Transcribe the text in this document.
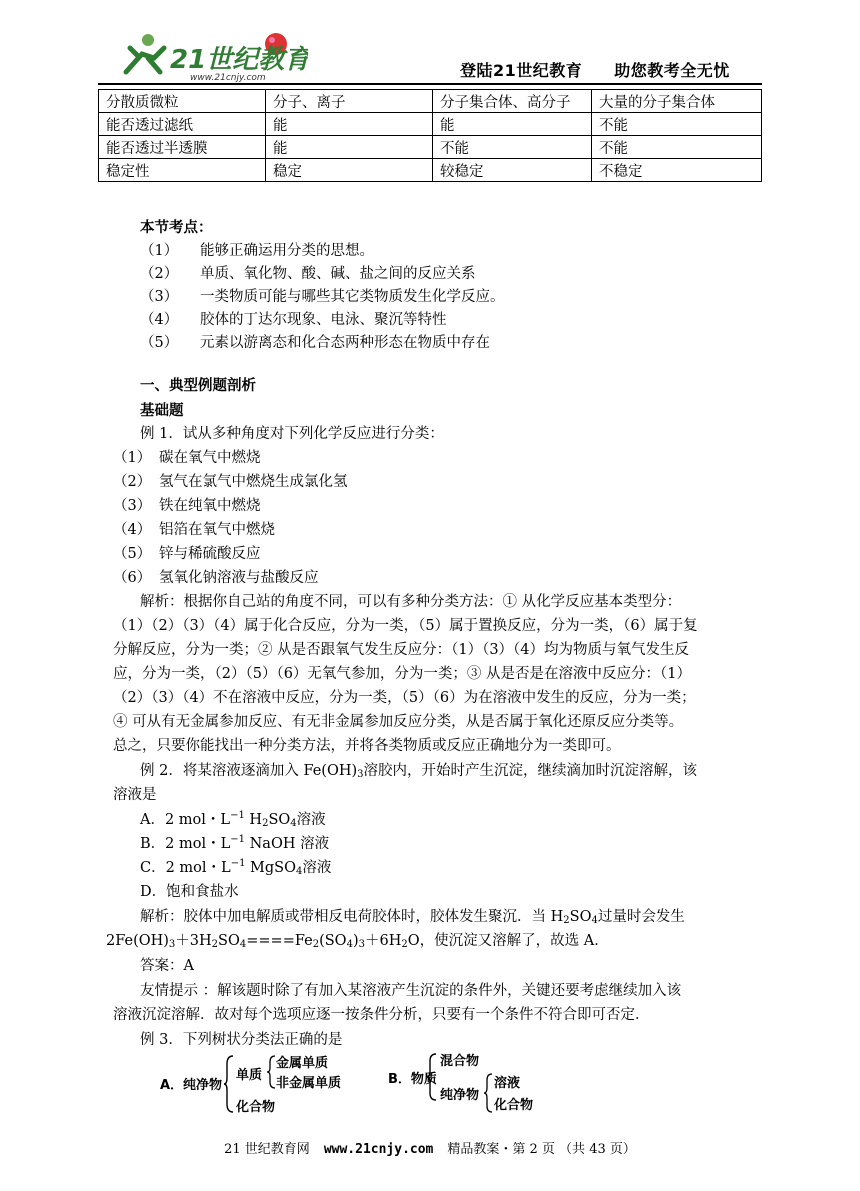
21世纪教育
www.21cnjy.com	登陆21世纪教育 助您教考全无忧
分散质微粒	分子、离子	分子集合体、高分子	大量的分子集合体
能否透过滤纸	能	能	不能
能否透过半透膜	能	不能	不能
稳定性	稳定	较稳定	不稳定
本节考点：
（1） 能够正确运用分类的思想。
（2） 单质、氧化物、酸、碱、盐之间的反应关系
（3） 一类物质可能与哪些其它类物质发生化学反应。
（4） 胶体的丁达尔现象、电泳、聚沉等特性
（5） 元素以游离态和化合态两种形态在物质中存在
一、典型例题剖析
基础题
例 1．试从多种角度对下列化学反应进行分类：
（1） 碳在氧气中燃烧
（2） 氢气在氯气中燃烧生成氯化氢
（3） 铁在纯氧中燃烧
（4） 铝箔在氧气中燃烧
（5） 锌与稀硫酸反应
（6） 氢氧化钠溶液与盐酸反应
解析：根据你自己站的角度不同，可以有多种分类方法：① 从化学反应基本类型分：
（1）（2）（3）（4）属于化合反应，分为一类，（5）属于置换反应，分为一类，（6）属于复
分解反应，分为一类；② 从是否跟氧气发生反应分：（1）（3）（4）均为物质与氧气发生反
应，分为一类，（2）（5）（6）无氧气参加，分为一类；③ 从是否是在溶液中反应分：（1）
（2）（3）（4）不在溶液中反应，分为一类，（5）（6）为在溶液中发生的反应，分为一类；
④ 可从有无金属参加反应、有无非金属参加反应分类，从是否属于氧化还原反应分类等。
总之，只要你能找出一种分类方法，并将各类物质或反应正确地分为一类即可。
例 2．将某溶液逐滴加入 $Fe(OH)_3$溶胶内，开始时产生沉淀，继续滴加时沉淀溶解，该
溶液是
A．2 mol・$L^{-1}$ $H_2SO_4$溶液
B．2 mol・$L^{-1}$ NaOH 溶液
C．2 mol・$L^{-1}$ MgSO$_4$溶液
D．饱和食盐水
解析：胶体中加电解质或带相反电荷胶体时，胶体发生聚沉．当 $H_2SO_4$过量时会发生
$2Fe(OH)_3+3H_2SO_4====Fe_2(SO_4)_3+6H_2O$，使沉淀又溶解了，故选 A．
答案：A
友情提示 ：解该题时除了有加入某溶液产生沉淀的条件外，关键还要考虑继续加入该
溶液沉淀溶解．故对每个选项应逐一按条件分析，只要有一个条件不符合即可否定．
例 3．下列树状分类法正确的是
A．纯净物
单质
金属单质
非金属单质
化合物
B．物质
混合物
纯净物
溶液
化合物
21 世纪教育网 www.21cnjy.com 精品教案・第 2 页 （共 43 页）
